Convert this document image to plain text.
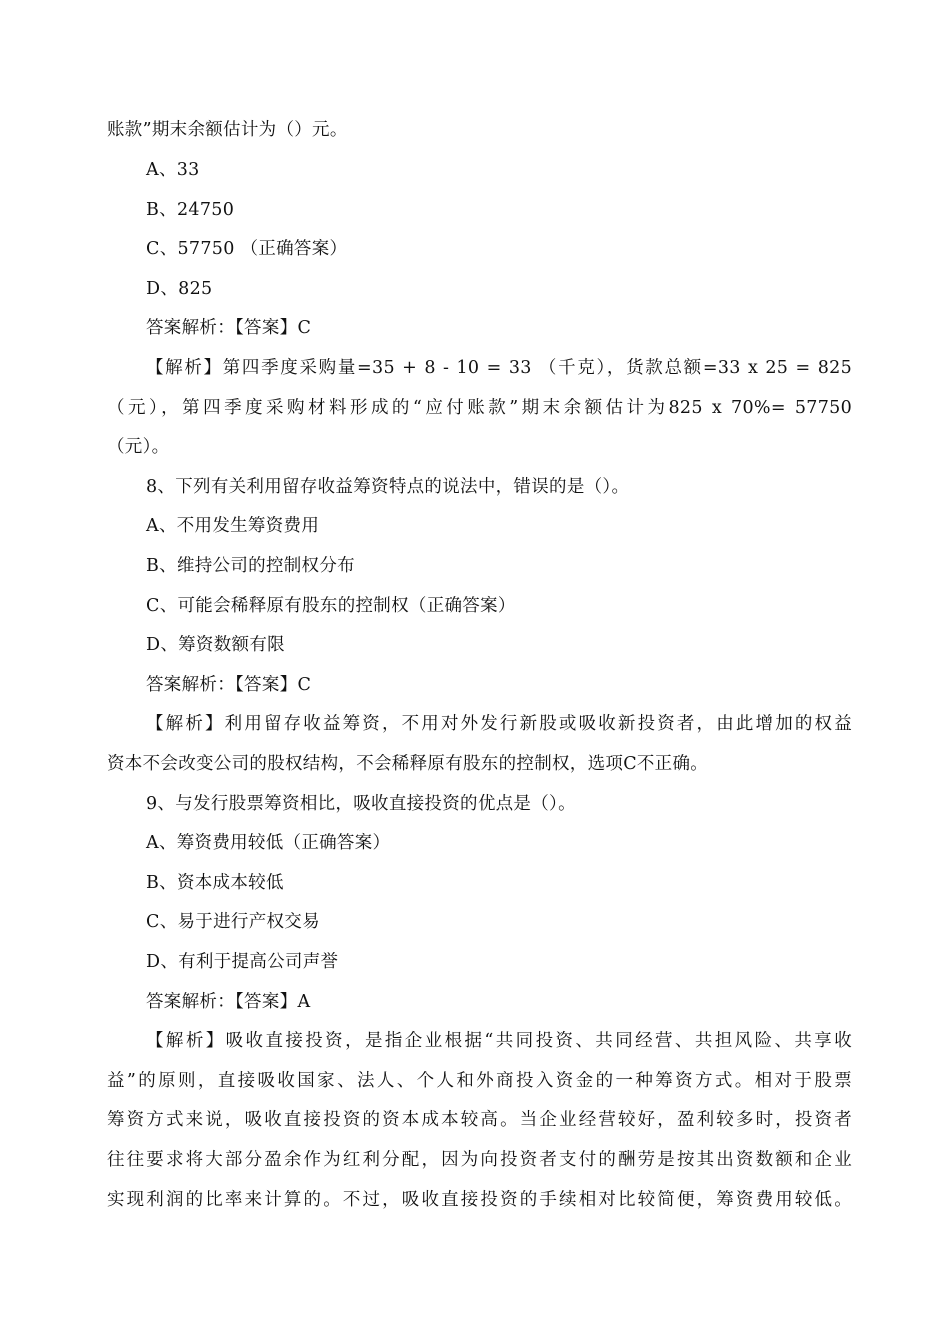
账款”期末余额估计为（）元。
A、33
B、24750
C、57750 （正确答案）
D、825
答案解析：【答案】C
【解析】第四季度采购量=35 + 8 - 10 = 33 （千克），货款总额=33 x 25 = 825
（元），第四季度采购材料形成的“应付账款”期末余额估计为825 x 70%= 57750
（元）。
8、下列有关利用留存收益筹资特点的说法中，错误的是（）。
A、不用发生筹资费用
B、维持公司的控制权分布
C、可能会稀释原有股东的控制权（正确答案）
D、筹资数额有限
答案解析：【答案】C
【解析】利用留存收益筹资，不用对外发行新股或吸收新投资者，由此增加的权益
资本不会改变公司的股权结构，不会稀释原有股东的控制权，选项C不正确。
9、与发行股票筹资相比，吸收直接投资的优点是（）。
A、筹资费用较低（正确答案）
B、资本成本较低
C、易于进行产权交易
D、有利于提高公司声誉
答案解析：【答案】A
【解析】吸收直接投资，是指企业根据“共同投资、共同经营、共担风险、共享收
益”的原则，直接吸收国家、法人、个人和外商投入资金的一种筹资方式。相对于股票
筹资方式来说，吸收直接投资的资本成本较高。当企业经营较好，盈利较多时，投资者
往往要求将大部分盈余作为红利分配，因为向投资者支付的酬劳是按其出资数额和企业
实现利润的比率来计算的。不过，吸收直接投资的手续相对比较简便，筹资费用较低。
